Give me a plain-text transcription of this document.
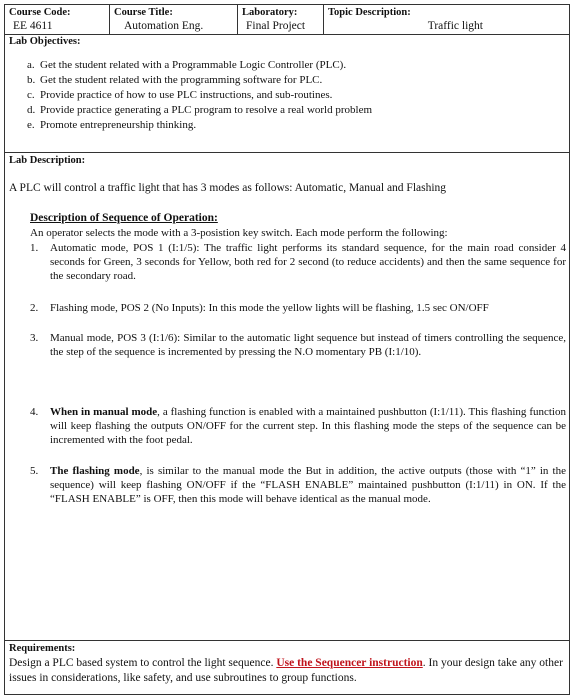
Course Code:
EE 4611
Course Title:
Automation Eng.
Laboratory:
Final Project
Topic Description:
Traffic light
Lab Objectives:
a. Get the student related with a Programmable Logic Controller (PLC).
b. Get the student related with the programming software for PLC.
c. Provide practice of how to use PLC instructions, and sub-routines.
d. Provide practice generating a PLC program to resolve a real world problem
e. Promote entrepreneurship thinking.
Lab Description:
A PLC will control a traffic light that has 3 modes as follows: Automatic, Manual and Flashing
Description of Sequence of Operation:
An operator selects the mode with a 3-posistion key switch. Each mode perform the following:
1. Automatic mode, POS 1 (I:1/5): The traffic light performs its standard sequence, for the main road consider 4 seconds for Green, 3 seconds for Yellow, both red for 2 second (to reduce accidents) and then the same sequence for the secondary road.
2. Flashing mode, POS 2 (No Inputs): In this mode the yellow lights will be flashing, 1.5 sec ON/OFF
3. Manual mode, POS 3 (I:1/6): Similar to the automatic light sequence but instead of timers controlling the sequence, the step of the sequence is incremented by pressing the N.O momentary PB (I:1/10).
4. When in manual mode, a flashing function is enabled with a maintained pushbutton (I:1/11). This flashing function will keep flashing the outputs ON/OFF for the current step. In this flashing mode the steps of the sequence can be incremented with the foot pedal.
5. The flashing mode, is similar to the manual mode the But in addition, the active outputs (those with “1” in the sequence) will keep flashing ON/OFF if the “FLASH ENABLE” maintained pushbutton (I:1/11) in ON. If the “FLASH ENABLE” is OFF, then this mode will behave identical as the manual mode.
Requirements:
Design a PLC based system to control the light sequence. Use the Sequencer instruction. In your design take any other issues in considerations, like safety, and use subroutines to group functions.
